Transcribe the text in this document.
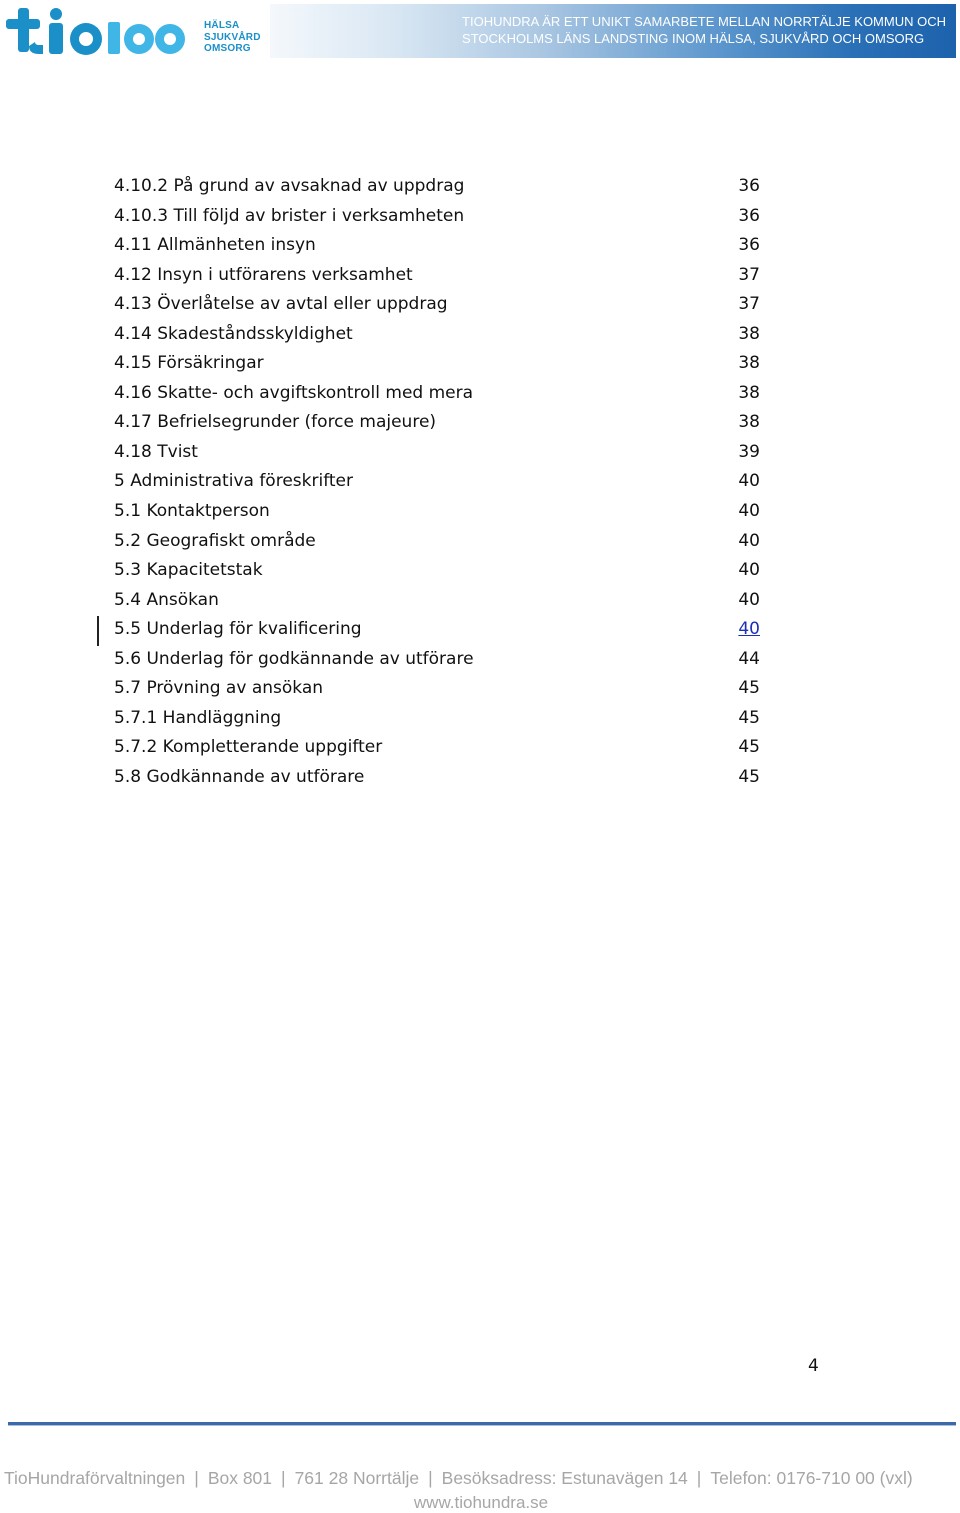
HÄLSA
SJUKVÅRD
OMSORG
TIOHUNDRA ÄR ETT UNIKT SAMARBETE MELLAN NORRTÄLJE KOMMUN OCH
STOCKHOLMS LÄNS LANDSTING INOM HÄLSA, SJUKVÅRD OCH OMSORG
4.10.2 På grund av avsaknad av uppdrag	36
4.10.3 Till följd av brister i verksamheten	36
4.11 Allmänheten insyn	36
4.12 Insyn i utförarens verksamhet	37
4.13 Överlåtelse av avtal eller uppdrag	37
4.14 Skadeståndsskyldighet	38
4.15 Försäkringar	38
4.16 Skatte- och avgiftskontroll med mera	38
4.17 Befrielsegrunder (force majeure)	38
4.18 Tvist	39
5 Administrativa föreskrifter	40
5.1 Kontaktperson	40
5.2 Geografiskt område	40
5.3 Kapacitetstak	40
5.4 Ansökan	40
5.5 Underlag för kvalificering	40
5.6 Underlag för godkännande av utförare	44
5.7 Prövning av ansökan	45
5.7.1 Handläggning	45
5.7.2 Kompletterande uppgifter	45
5.8 Godkännande av utförare	45
4
TioHundraförvaltningen | Box 801 | 761 28 Norrtälje | Besöksadress: Estunavägen 14 | Telefon: 0176-710 00 (vxl)
www.tiohundra.se
